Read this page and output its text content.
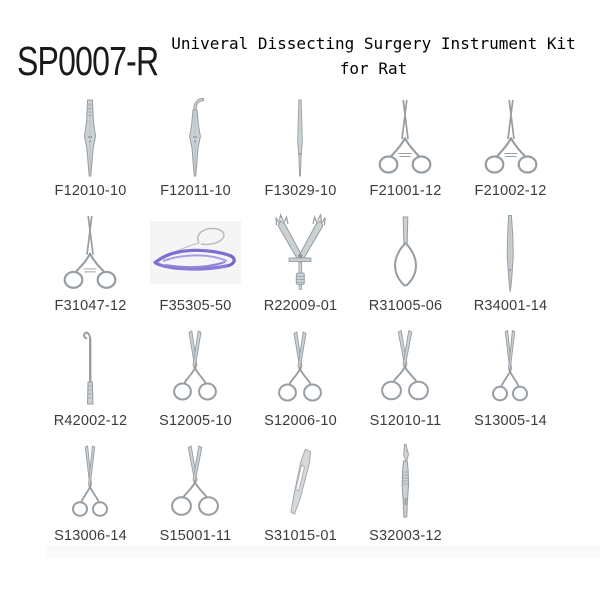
SP0007-R Univeral Dissecting Surgery Instrument Kit
for Rat
F12010-10 F12011-10 F13029-10 F21001-12 F21002-12
F31047-12 F35305-50 R22009-01 R31005-06 R34001-14
R42002-12 S12005-10 S12006-10 S12010-11 S13005-14
S13006-14 S15001-11 S31015-01 S32003-12
